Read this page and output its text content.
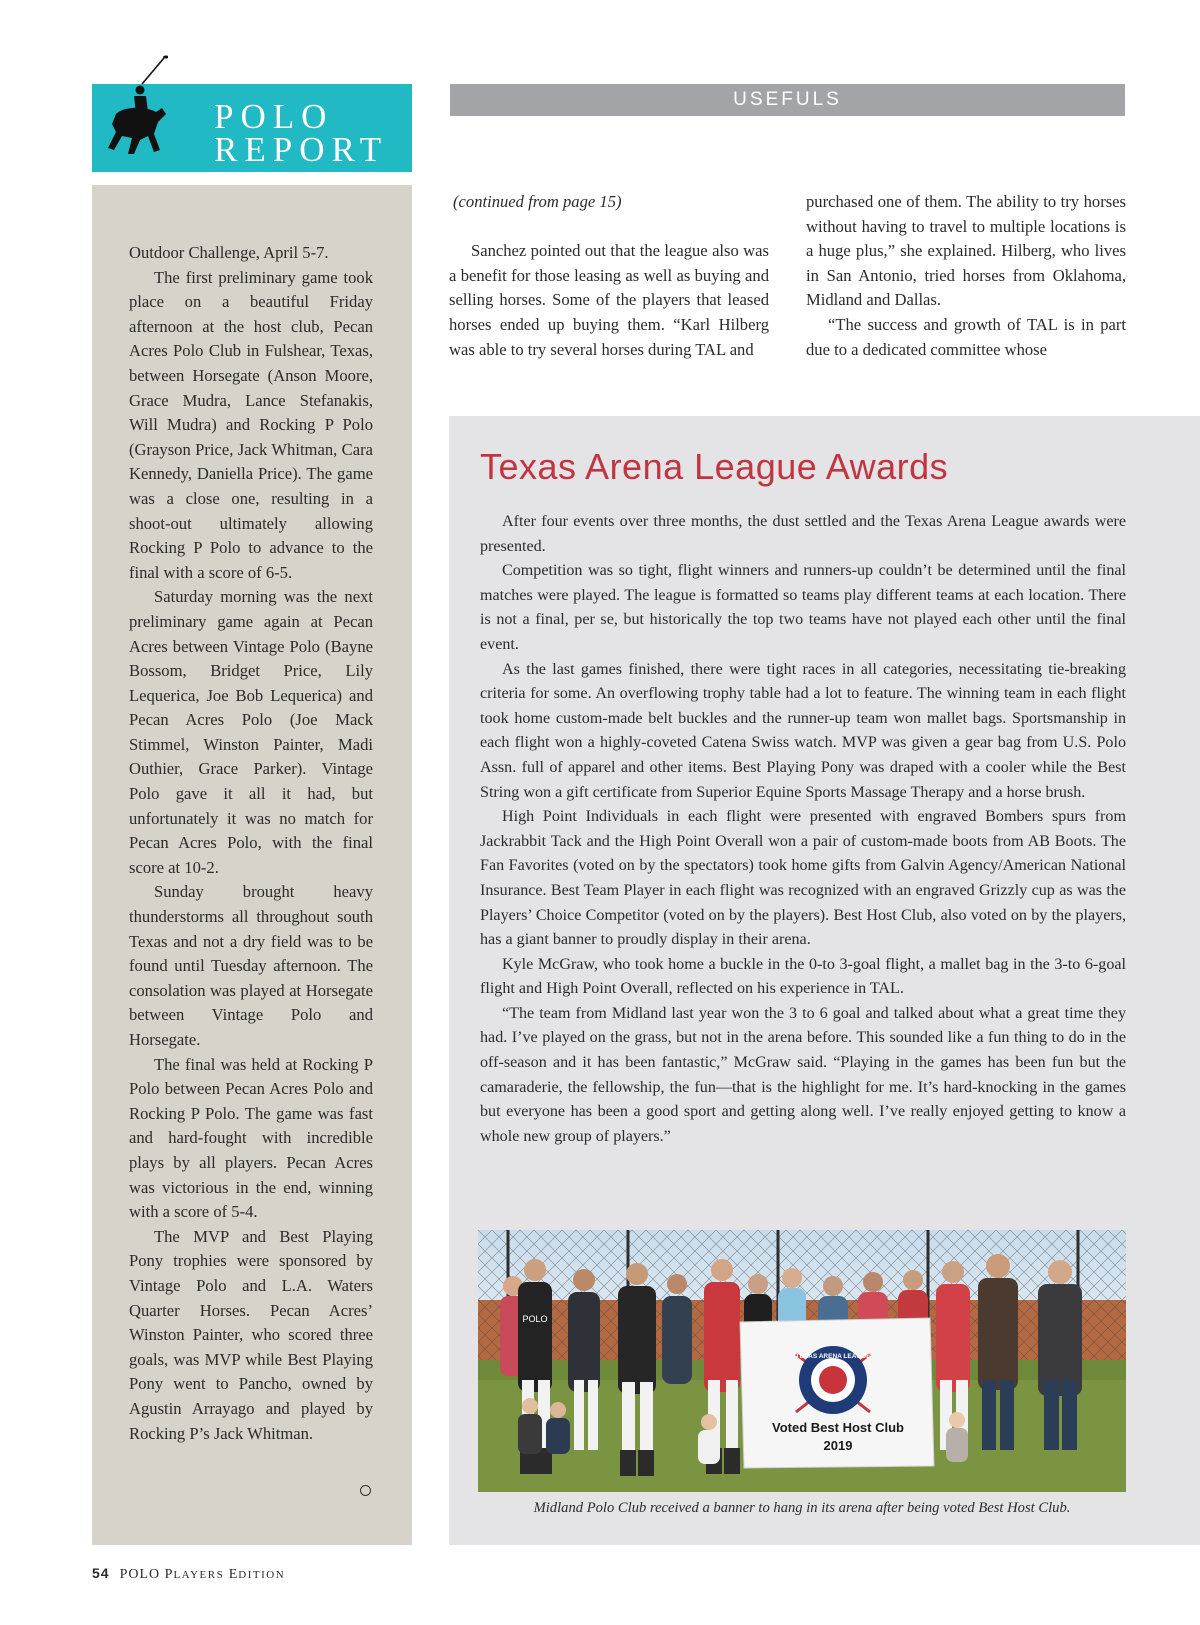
POLO
REPORT
USEFULS

Outdoor Challenge, April 5-7.

The first preliminary game took place on a beautiful Friday afternoon at the host club, Pecan Acres Polo Club in Fulshear, Texas, between Horsegate (Anson Moore, Grace Mudra, Lance Stefanakis, Will Mudra) and Rocking P Polo (Grayson Price, Jack Whitman, Cara Kennedy, Daniella Price). The game was a close one, resulting in a shoot-out ultimately allowing Rocking P Polo to advance to the final with a score of 6-5.

Saturday morning was the next preliminary game again at Pecan Acres between Vintage Polo (Bayne Bossom, Bridget Price, Lily Lequerica, Joe Bob Lequerica) and Pecan Acres Polo (Joe Mack Stimmel, Winston Painter, Madi Outhier, Grace Parker). Vintage Polo gave it all it had, but unfortunately it was no match for Pecan Acres Polo, with the final score at 10-2.

Sunday brought heavy thunderstorms all throughout south Texas and not a dry field was to be found until Tuesday afternoon. The consolation was played at Horsegate between Vintage Polo and Horsegate.

The final was held at Rocking P Polo between Pecan Acres Polo and Rocking P Polo. The game was fast and hard-fought with incredible plays by all players. Pecan Acres was victorious in the end, winning with a score of 5-4.

The MVP and Best Playing Pony trophies were sponsored by Vintage Polo and L.A. Waters Quarter Horses. Pecan Acres’ Winston Painter, who scored three goals, was MVP while Best Playing Pony went to Pancho, owned by Agustin Arrayago and played by Rocking P’s Jack Whitman.

(continued from page 15)

Sanchez pointed out that the league also was a benefit for those leasing as well as buying and selling horses. Some of the players that leased horses ended up buying them. “Karl Hilberg was able to try several horses during TAL and

purchased one of them. The ability to try horses without having to travel to multiple locations is a huge plus,” she explained. Hilberg, who lives in San Antonio, tried horses from Oklahoma, Midland and Dallas.

“The success and growth of TAL is in part due to a dedicated committee whose

Texas Arena League Awards

After four events over three months, the dust settled and the Texas Arena League awards were presented.

Competition was so tight, flight winners and runners-up couldn’t be determined until the final matches were played. The league is formatted so teams play different teams at each location. There is not a final, per se, but historically the top two teams have not played each other until the final event.

As the last games finished, there were tight races in all categories, necessitating tie-breaking criteria for some. An overflowing trophy table had a lot to feature. The winning team in each flight took home custom-made belt buckles and the runner-up team won mallet bags. Sportsmanship in each flight won a highly-coveted Catena Swiss watch. MVP was given a gear bag from U.S. Polo Assn. full of apparel and other items. Best Playing Pony was draped with a cooler while the Best String won a gift certificate from Superior Equine Sports Massage Therapy and a horse brush.

High Point Individuals in each flight were presented with engraved Bombers spurs from Jackrabbit Tack and the High Point Overall won a pair of custom-made boots from AB Boots. The Fan Favorites (voted on by the spectators) took home gifts from Galvin Agency/American National Insurance. Best Team Player in each flight was recognized with an engraved Grizzly cup as was the Players’ Choice Competitor (voted on by the players). Best Host Club, also voted on by the players, has a giant banner to proudly display in their arena.

Kyle McGraw, who took home a buckle in the 0-to 3-goal flight, a mallet bag in the 3-to 6-goal flight and High Point Overall, reflected on his experience in TAL.

“The team from Midland last year won the 3 to 6 goal and talked about what a great time they had. I’ve played on the grass, but not in the arena before. This sounded like a fun thing to do in the off-season and it has been fantastic,” McGraw said. “Playing in the games has been fun but the camaraderie, the fellowship, the fun—that is the highlight for me. It’s hard-knocking in the games but everyone has been a good sport and getting along well. I’ve really enjoyed getting to know a whole new group of players.”

POLO
TEXAS ARENA LEAGUE
Voted Best Host Club
2019
Midland Polo Club received a banner to hang in its arena after being voted Best Host Club.
54 POLO PLAYERS EDITION
